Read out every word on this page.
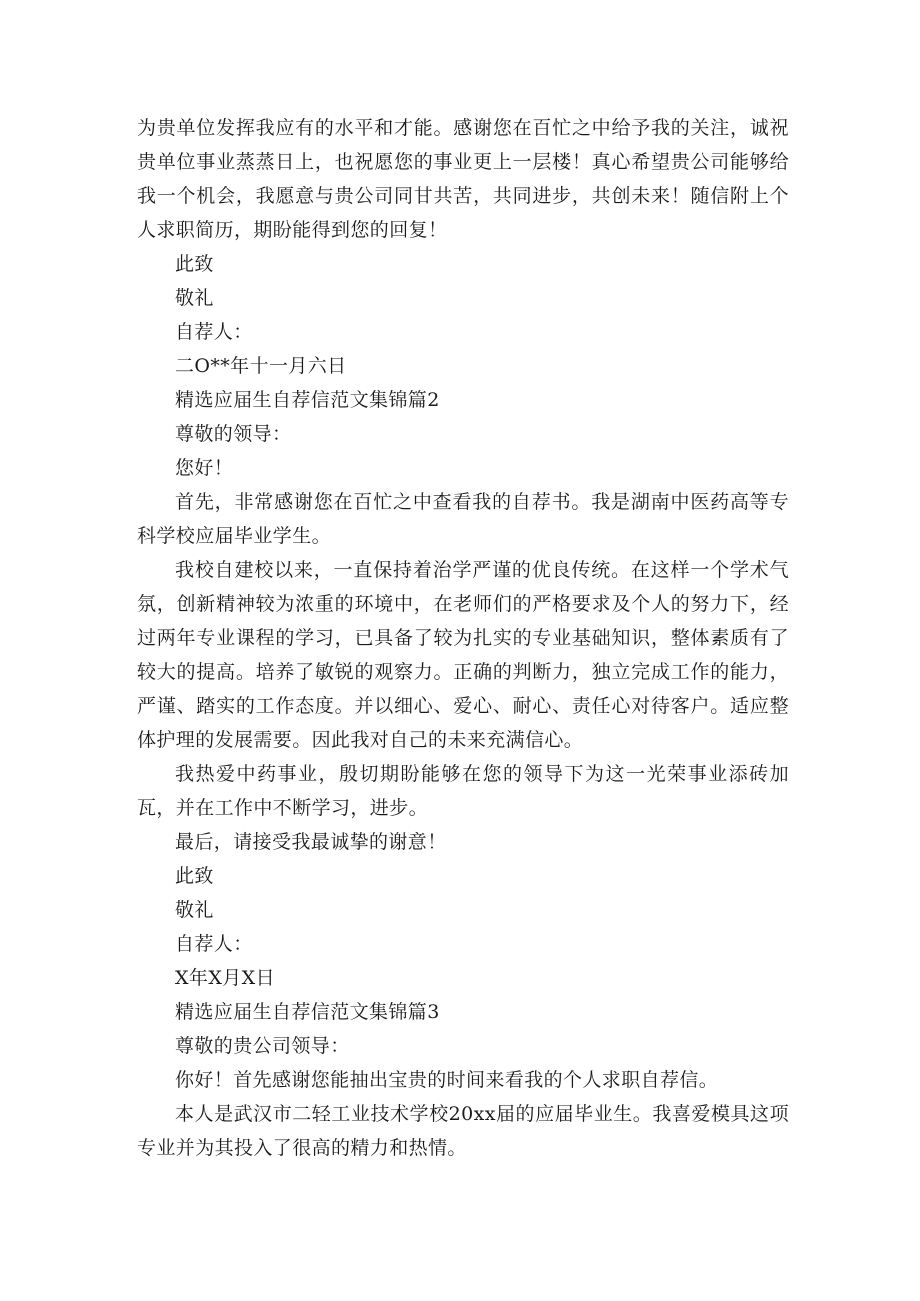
为贵单位发挥我应有的水平和才能。感谢您在百忙之中给予我的关注，诚祝贵单位事业蒸蒸日上，也祝愿您的事业更上一层楼！真心希望贵公司能够给我一个机会，我愿意与贵公司同甘共苦，共同进步，共创未来！随信附上个人求职简历，期盼能得到您的回复！

此致

敬礼

自荐人：

二O**年十一月六日

精选应届生自荐信范文集锦篇2

尊敬的领导：

您好！

首先，非常感谢您在百忙之中查看我的自荐书。我是湖南中医药高等专科学校应届毕业学生。

我校自建校以来，一直保持着治学严谨的优良传统。在这样一个学术气氛，创新精神较为浓重的环境中，在老师们的严格要求及个人的努力下，经过两年专业课程的学习，已具备了较为扎实的专业基础知识，整体素质有了较大的提高。培养了敏锐的观察力。正确的判断力，独立完成工作的能力，严谨、踏实的工作态度。并以细心、爱心、耐心、责任心对待客户。适应整体护理的发展需要。因此我对自己的未来充满信心。

我热爱中药事业，殷切期盼能够在您的领导下为这一光荣事业添砖加瓦，并在工作中不断学习，进步。

最后，请接受我最诚挚的谢意！

此致

敬礼

自荐人：

X年X月X日

精选应届生自荐信范文集锦篇3

尊敬的贵公司领导：

你好！首先感谢您能抽出宝贵的时间来看我的个人求职自荐信。

本人是武汉市二轻工业技术学校20xx届的应届毕业生。我喜爱模具这项专业并为其投入了很高的精力和热情。
